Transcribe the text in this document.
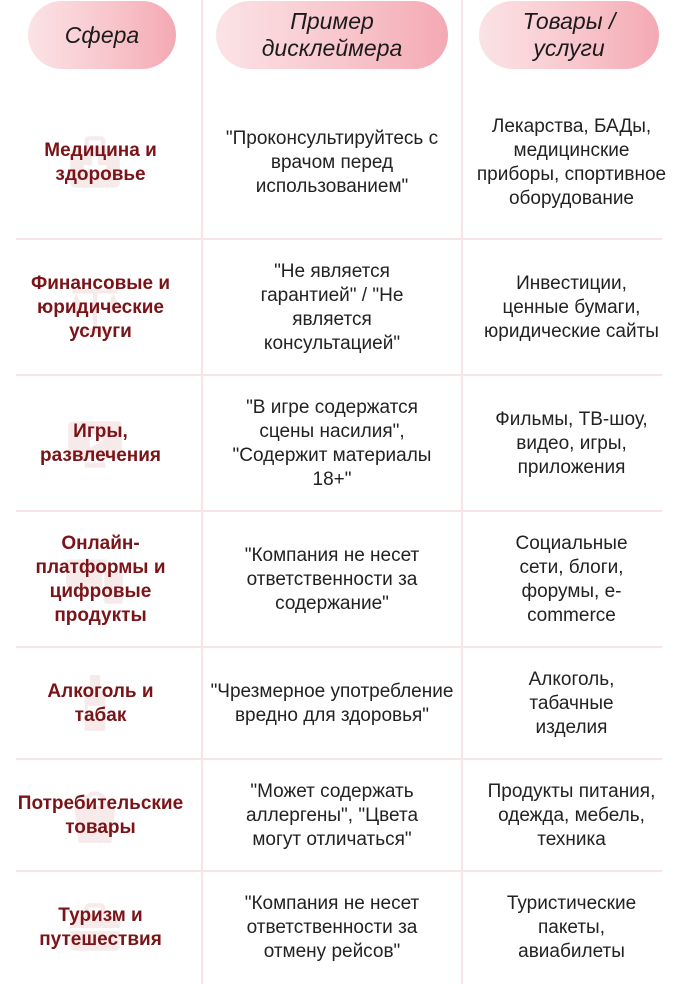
Сфера
Пример дисклеймера
Товары /услуги
Медицина и здоровье
"Проконсультируйтесь с врачом перед использованием"
Лекарства, БАДы, медицинские приборы, спортивное оборудование
Финансовые и юридические услуги
"Не является гарантией" / "Не является консультацией"
Инвестиции, ценные бумаги, юридические сайты
Игры, развлечения
"В игре содержатся сцены насилия", "Содержит материалы 18+"
Фильмы, ТВ-шоу, видео, игры, приложения
Онлайн-платформы и цифровые продукты
"Компания не несет ответственности за содержание"
Социальные сети, блоги, форумы, e-commerce
Алкоголь и табак
"Чрезмерное употребление вредно для здоровья"
Алкоголь, табачные изделия
Потребительские товары
"Может содержать аллергены", "Цвета могут отличаться"
Продукты питания, одежда, мебель, техника
Туризм и путешествия
"Компания не несет ответственности за отмену рейсов"
Туристические пакеты, авиабилеты
